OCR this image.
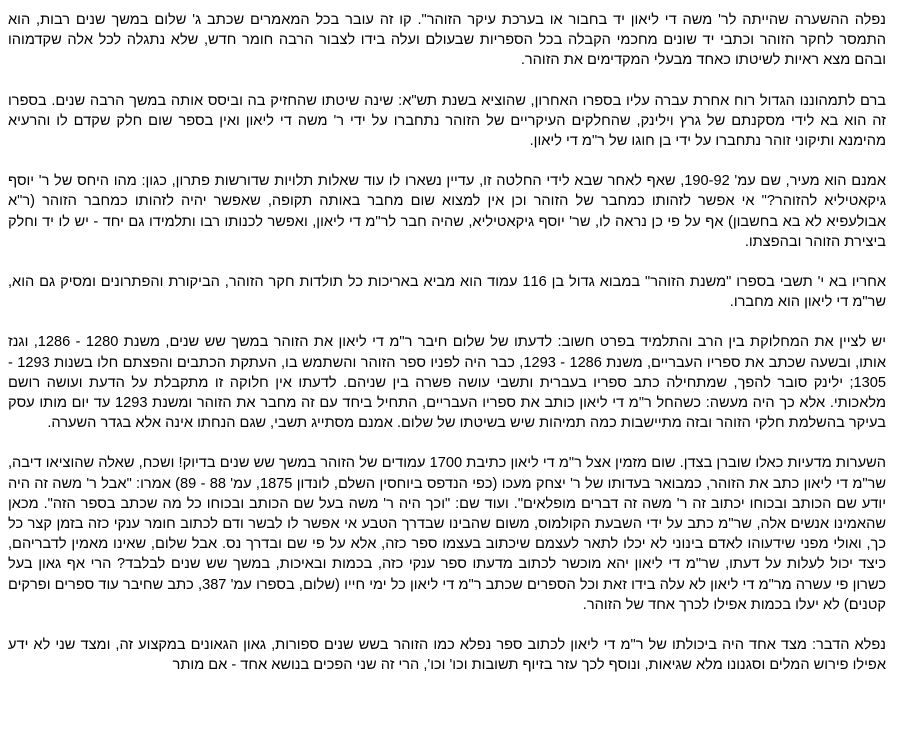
נפלה ההשערה שהייתה לר' משה די ליאון יד בחבור או בערכת עיקר הזוהר". קו זה עובר בכל המאמרים שכתב ג' שלום במשך שנים רבות, הוא התמסר לחקר הזוהר וכתבי יד שונים מחכמי הקבלה בכל הספריות שבעולם ועלה בידו לצבור הרבה חומר חדש, שלא נתגלה לכל אלה שקדמוהו ובהם מצא ראיות לשיטתו כאחד מבעלי המקדימים את הזוהר.

ברם לתמהוננו הגדול רוח אחרת עברה עליו בספרו האחרון, שהוציא בשנת תש"א: שינה שיטתו שהחזיק בה וביסס אותה במשך הרבה שנים. בספרו זה הוא בא לידי מסקנתם של גרץ וילינק, שהחלקים העיקריים של הזוהר נתחברו על ידי ר' משה די ליאון ואין בספר שום חלק שקדם לו והרעיא מהימנא ותיקוני זוהר נתחברו על ידי בן חוגו של ר"מ די ליאון.

אמנם הוא מעיר, שם עמ' 190-92, שאף לאחר שבא לידי החלטה זו, עדיין נשארו לו עוד שאלות תלויות שדורשות פתרון, כגון: מהו היחס של ר' יוסף גיקאטיליא להזוהר?" אי אפשר לזהותו כמחבר של הזוהר וכן אין למצוא שום מחבר באותה תקופה, שאפשר יהיה לזהותו כמחבר הזוהר (ר"א אבולעפיא לא בא בחשבון) אף על פי כן נראה לו, שר' יוסף גיקאטיליא, שהיה חבר לר"מ די ליאון, ואפשר לכנותו רבו ותלמידו גם יחד - יש לו יד וחלק ביצירת הזוהר ובהפצתו.

אחריו בא י' תשבי בספרו "משנת הזוהר" במבוא גדול בן 116 עמוד הוא מביא באריכות כל תולדות חקר הזוהר, הביקורת והפתרונים ומסיק גם הוא, שר"מ די ליאון הוא מחברו.

יש לציין את המחלוקת בין הרב והתלמיד בפרט חשוב: לדעתו של שלום חיבר ר"מ די ליאון את הזוהר במשך שש שנים, משנת 1280 - 1286, וגנז אותו, ובשעה שכתב את ספריו העבריים, משנת 1286 - 1293, כבר היה לפניו ספר הזוהר והשתמש בו, העתקת הכתבים והפצתם חלו בשנות 1293 - 1305; ילינק סובר להפך, שמתחילה כתב ספריו בעברית ותשבי עושה פשרה בין שניהם. לדעתו אין חלוקה זו מתקבלת על הדעת ועושה רושם מלאכותי. אלא כך היה מעשה: כשהחל ר"מ די ליאון כותב את ספריו העבריים, התחיל ביחד עם זה מחבר את הזוהר ומשנת 1293 עד יום מותו עסק בעיקר בהשלמת חלקי הזוהר ובזה מתיישבות כמה תמיהות שיש בשיטתו של שלום. אמנם מסתייג תשבי, שגם הנחתו אינה אלא בגדר השערה.

השערות מדעיות כאלו שוברן בצדן. שום מזמין אצל ר"מ די ליאון כתיבת 1700 עמודים של הזוהר במשך שש שנים בדיוק! ושכח, שאלה שהוציאו דיבה, שר"מ די ליאון כתב את הזוהר, כמבואר בעדותו של ר' יצחק מעכו (כפי הנדפס ביוחסין השלם, לונדון 1875, עמ' 88 - 89) אמרו: "אבל ר' משה זה היה יודע שם הכותב ובכוחו יכתוב זה ר' משה זה דברים מופלאים". ועוד שם: "וכך היה ר' משה בעל שם הכותב ובכוחו כל מה שכתב בספר הזה". מכאן שהאמינו אנשים אלה, שר"מ כתב על ידי השבעת הקולמוס, משום שהבינו שבדרך הטבע אי אפשר לו לבשר ודם לכתוב חומר ענקי כזה בזמן קצר כל כך, ואולי מפני שידעוהו לאדם בינוני לא יכלו לתאר לעצמם שיכתוב בעצמו ספר כזה, אלא על פי שם ובדרך נס. אבל שלום, שאינו מאמין לדבריהם, כיצד יכול לעלות על דעתו, שר"מ די ליאון יהא מוכשר לכתוב מדעתו ספר ענקי כזה, בכמות ובאיכות, במשך שש שנים לבלבד? הרי אף גאון בעל כשרון פי עשרה מר"מ די ליאון לא עלה בידו זאת וכל הספרים שכתב ר"מ די ליאון כל ימי חייו (שלום, בספרו עמ' 387, כתב שחיבר עוד ספרים ופרקים קטנים) לא יעלו בכמות אפילו לכרך אחד של הזוהר.

נפלא הדבר: מצד אחד היה ביכולתו של ר"מ די ליאון לכתוב ספר נפלא כמו הזוהר בשש שנים ספורות, גאון הגאונים במקצוע זה, ומצד שני לא ידע אפילו פירוש המלים וסגנונו מלא שגיאות, ונוסף לכך עזר בזיוף תשובות וכו' וכו', הרי זה שני הפכים בנושא אחד - אם מותר
